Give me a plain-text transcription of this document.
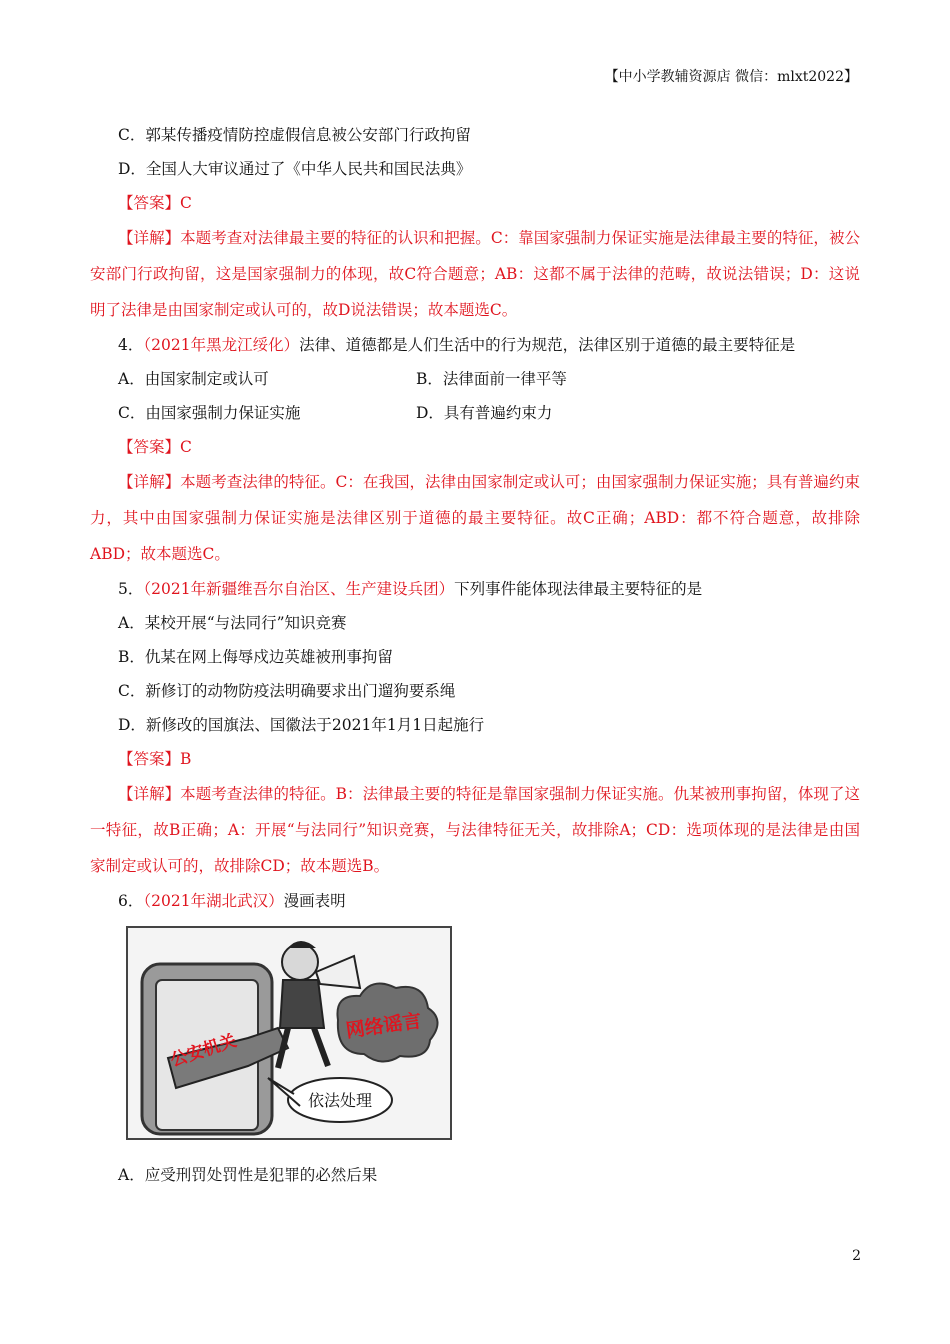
【中小学教辅资源店 微信：mlxt2022】
C．郭某传播疫情防控虚假信息被公安部门行政拘留
D．全国人大审议通过了《中华人民共和国民法典》
【答案】C

【详解】本题考查对法律最主要的特征的认识和把握。C：靠国家强制力保证实施是法律最主要的特征，被公安部门行政拘留，这是国家强制力的体现，故C符合题意；AB：这都不属于法律的范畴，故说法错误；D：这说明了法律是由国家制定或认可的，故D说法错误；故本题选C。

4．（2021年黑龙江绥化）法律、道德都是人们生活中的行为规范，法律区别于道德的最主要特征是
A．由国家制定或认可	B．法律面前一律平等
C．由国家强制力保证实施	D．具有普遍约束力
【答案】C

【详解】本题考查法律的特征。C：在我国，法律由国家制定或认可；由国家强制力保证实施；具有普遍约束力，其中由国家强制力保证实施是法律区别于道德的最主要特征。故C正确；ABD：都不符合题意，故排除ABD；故本题选C。

5．（2021年新疆维吾尔自治区、生产建设兵团）下列事件能体现法律最主要特征的是
A．某校开展“与法同行”知识竞赛
B．仇某在网上侮辱戍边英雄被刑事拘留
C．新修订的动物防疫法明确要求出门遛狗要系绳
D．新修改的国旗法、国徽法于2021年1月1日起施行
【答案】B

【详解】本题考查法律的特征。B：法律最主要的特征是靠国家强制力保证实施。仇某被刑事拘留，体现了这一特征，故B正确；A：开展“与法同行”知识竞赛，与法律特征无关，故排除A；CD：选项体现的是法律是由国家制定或认可的，故排除CD；故本题选B。

6．（2021年湖北武汉）漫画表明
网络谣言
公安机关
依法处理
A．应受刑罚处罚性是犯罪的必然后果
2
